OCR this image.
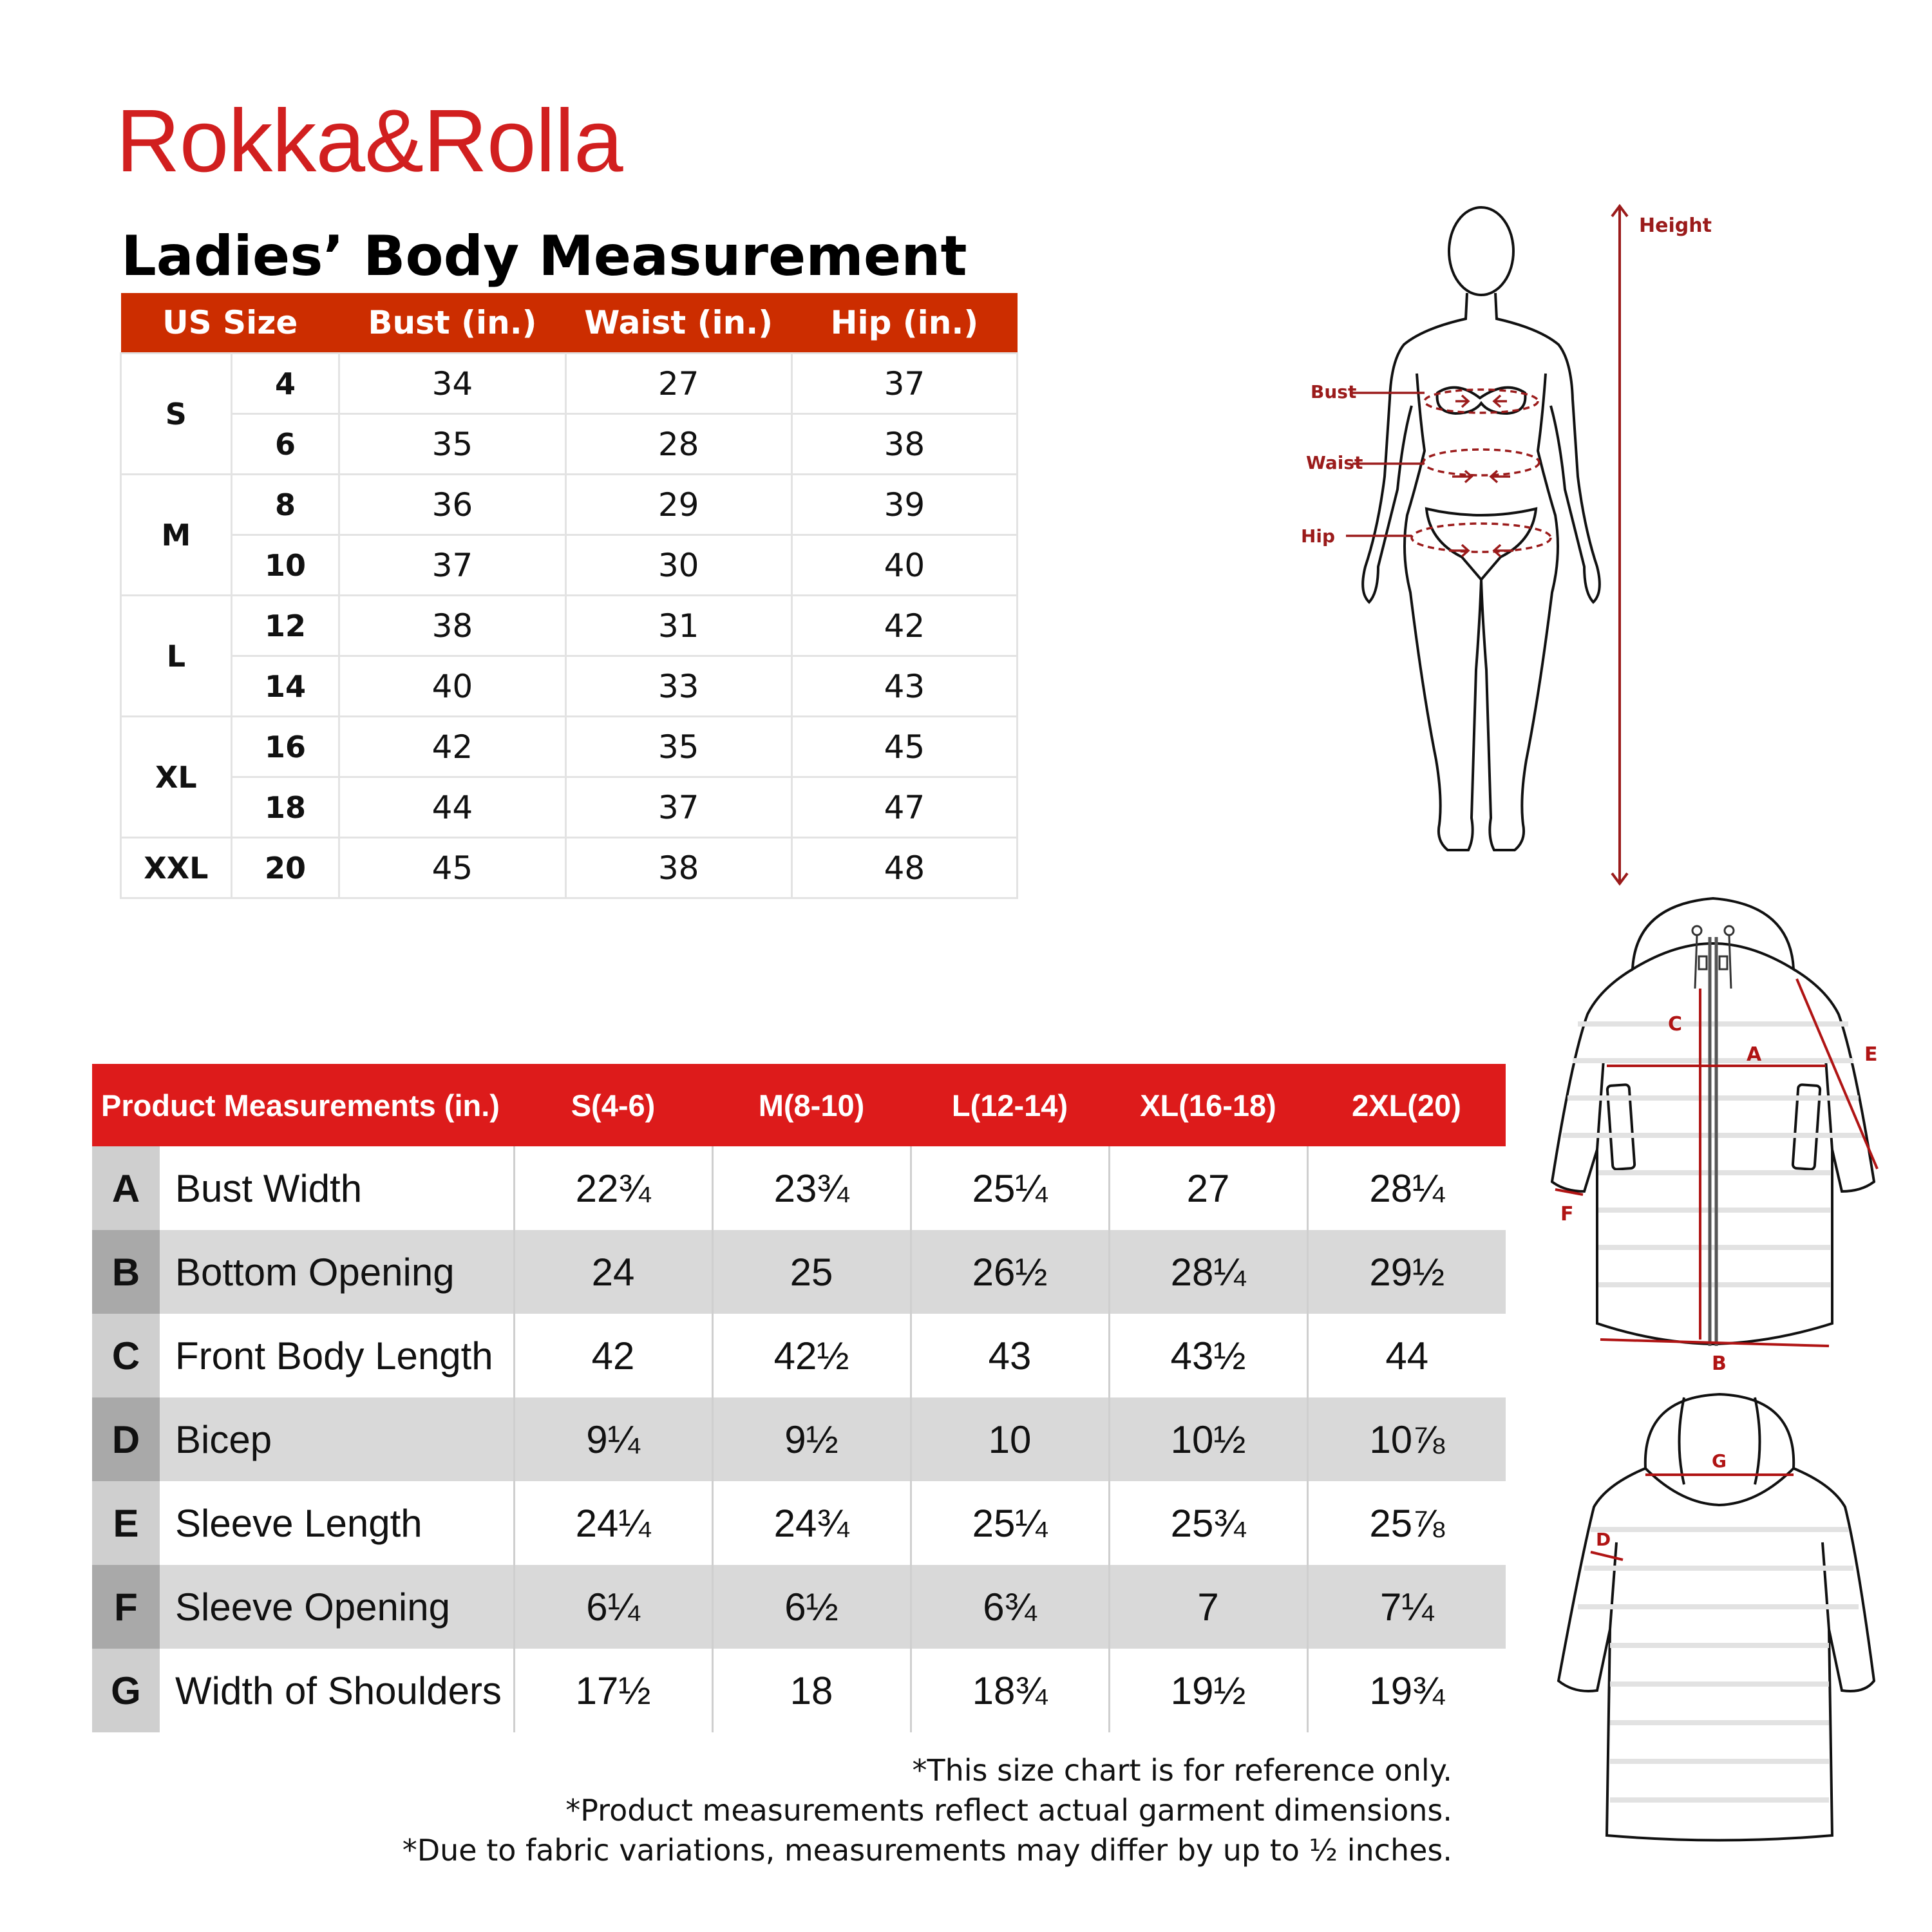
Rokka&Rolla
Ladies’ Body Measurement
US Size		Bust (in.)	Waist (in.)	Hip (in.)
S	4	34	27	37
	6	35	28	38
M	8	36	29	39
	10	37	30	40
L	12	38	31	42
	14	40	33	43
XL	16	42	35	45
	18	44	37	47
XXL	20	45	38	48
Height
Bust
Waist
Hip
A
B
C
E
F
G
D
Product Measurements (in.)		S(4-6)	M(8-10)	L(12-14)	XL(16-18)	2XL(20)
A	Bust Width	22¾	23¾	25¼	27	28¼
B	Bottom Opening	24	25	26½	28¼	29½
C	Front Body Length	42	42½	43	43½	44
D	Bicep	9¼	9½	10	10½	10⅞
E	Sleeve Length	24¼	24¾	25¼	25¾	25⅞
F	Sleeve Opening	6¼	6½	6¾	7	7¼
G	Width of Shoulders	17½	18	18¾	19½	19¾
*This size chart is for reference only.
*Product measurements reflect actual garment dimensions.
*Due to fabric variations, measurements may differ by up to ½ inches.
